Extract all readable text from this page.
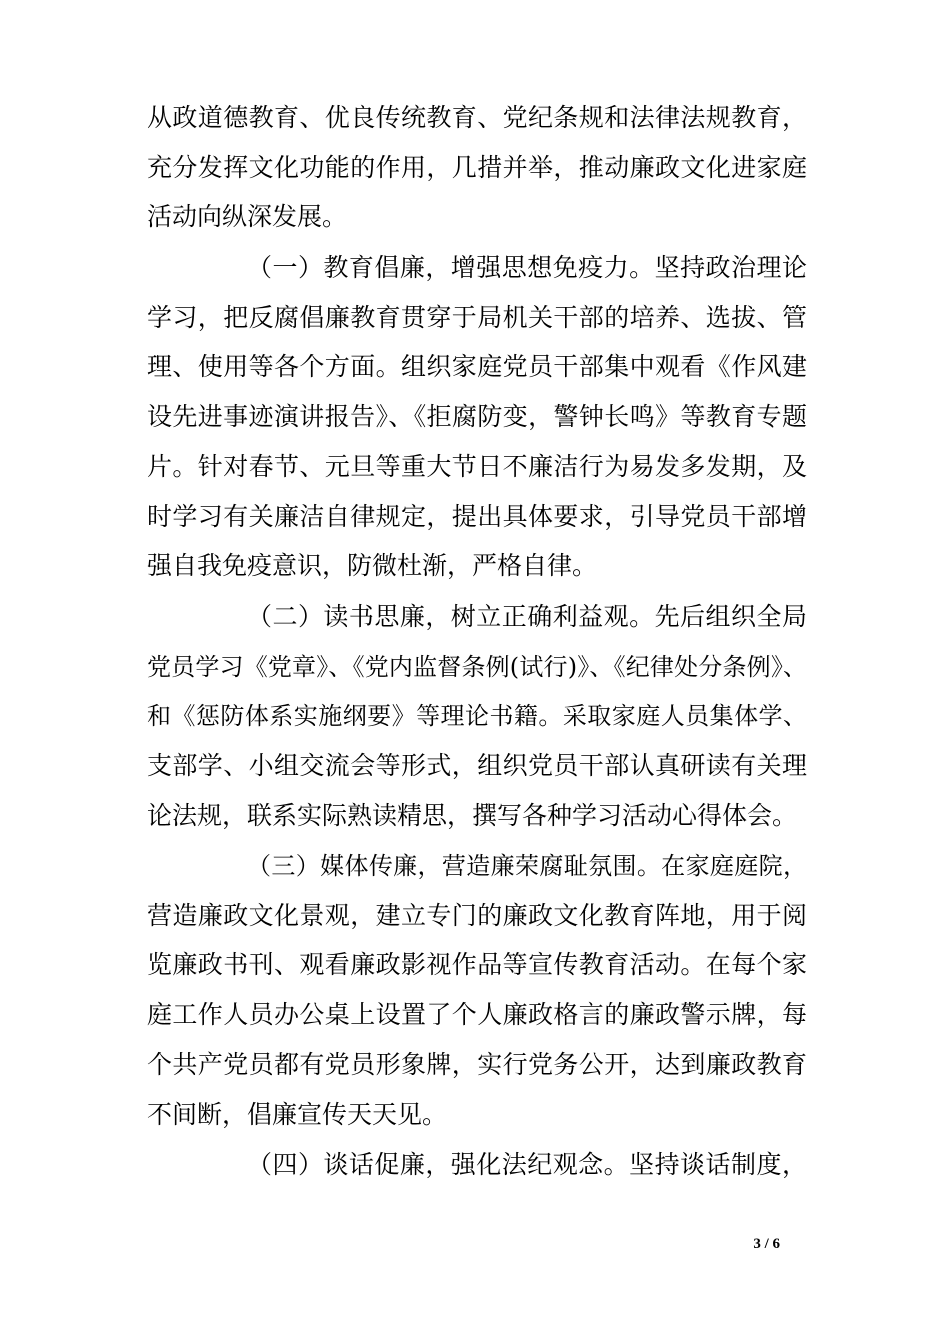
从政道德教育、优良传统教育、党纪条规和法律法规教育，
充分发挥文化功能的作用，几措并举，推动廉政文化进家庭
活动向纵深发展。
（一）教育倡廉，增强思想免疫力。坚持政治理论
学习，把反腐倡廉教育贯穿于局机关干部的培养、选拔、管
理、使用等各个方面。组织家庭党员干部集中观看《作风建
设先进事迹演讲报告》、《拒腐防变，警钟长鸣》等教育专题
片。针对春节、元旦等重大节日不廉洁行为易发多发期，及
时学习有关廉洁自律规定，提出具体要求，引导党员干部增
强自我免疫意识，防微杜渐，严格自律。
（二）读书思廉，树立正确利益观。先后组织全局
党员学习《党章》、《党内监督条例(试行)》、《纪律处分条例》、
和《惩防体系实施纲要》等理论书籍。采取家庭人员集体学、
支部学、小组交流会等形式，组织党员干部认真研读有关理
论法规，联系实际熟读精思，撰写各种学习活动心得体会。
（三）媒体传廉，营造廉荣腐耻氛围。在家庭庭院，
营造廉政文化景观，建立专门的廉政文化教育阵地，用于阅
览廉政书刊、观看廉政影视作品等宣传教育活动。在每个家
庭工作人员办公桌上设置了个人廉政格言的廉政警示牌，每
个共产党员都有党员形象牌，实行党务公开，达到廉政教育
不间断，倡廉宣传天天见。
（四）谈话促廉，强化法纪观念。坚持谈话制度，
3 / 6
